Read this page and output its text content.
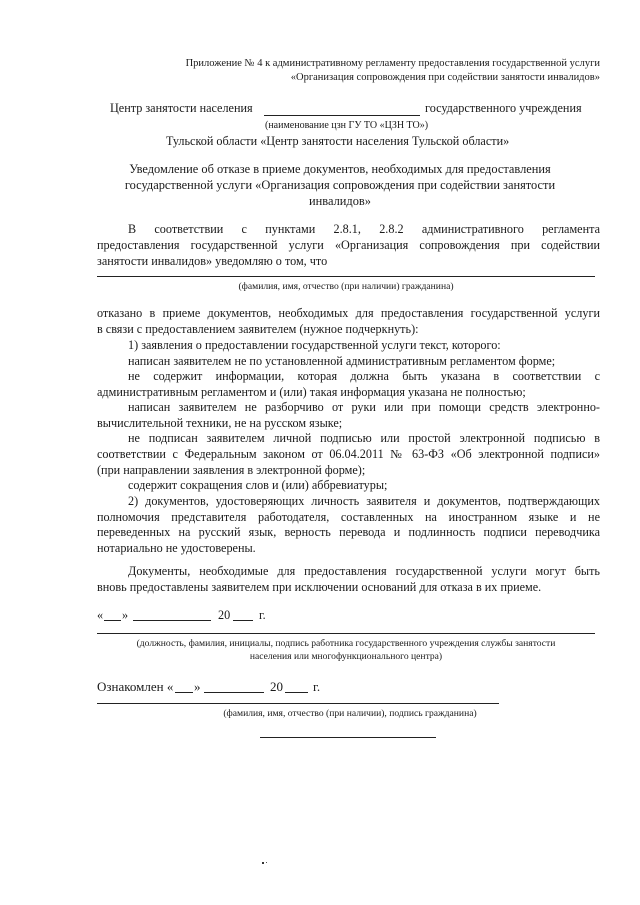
Приложение № 4 к административному регламенту предоставления государственной услуги
«Организация сопровождения при содействии занятости инвалидов»
Центр занятости населения	государственного учреждения
(наименование цзн ГУ ТО «ЦЗН ТО»)
Тульской области «Центр занятости населения Тульской области»
Уведомление об отказе в приеме документов, необходимых для предоставления
государственной услуги «Организация сопровождения при содействии занятости
инвалидов»
В соответствии с пунктами 2.8.1, 2.8.2 административного регламента
предоставления государственной услуги «Организация сопровождения при содействии
занятости инвалидов» уведомляю о том, что
(фамилия, имя, отчество (при наличии) гражданина)
отказано в приеме документов, необходимых для предоставления государственной услуги
в связи с предоставлением заявителем (нужное подчеркнуть):
1) заявления о предоставлении государственной услуги текст, которого:
написан заявителем не по установленной административным регламентом форме;
не содержит информации, которая должна быть указана в соответствии с
административным регламентом и (или) такая информация указана не полностью;
написан заявителем не разборчиво от руки или при помощи средств электронно-
вычислительной техники, не на русском языке;
не подписан заявителем личной подписью или простой электронной подписью в
соответствии с Федеральным законом от 06.04.2011 № 63-ФЗ «Об электронной подписи»
(при направлении заявления в электронной форме);
содержит сокращения слов и (или) аббревиатуры;
2) документов, удостоверяющих личность заявителя и документов, подтверждающих
полномочия представителя работодателя, составленных на иностранном языке и не
переведенных на русский язык, верность перевода и подлинность подписи переводчика
нотариально не удостоверены.
Документы, необходимые для предоставления государственной услуги могут быть
вновь предоставлены заявителем при исключении оснований для отказа в их приеме.
« »	20 г.
(должность, фамилия, инициалы, подпись работника государственного учреждения службы занятости
населения или многофункционального центра)
Ознакомлен « »	20 г.
(фамилия, имя, отчество (при наличии), подпись гражданина)
